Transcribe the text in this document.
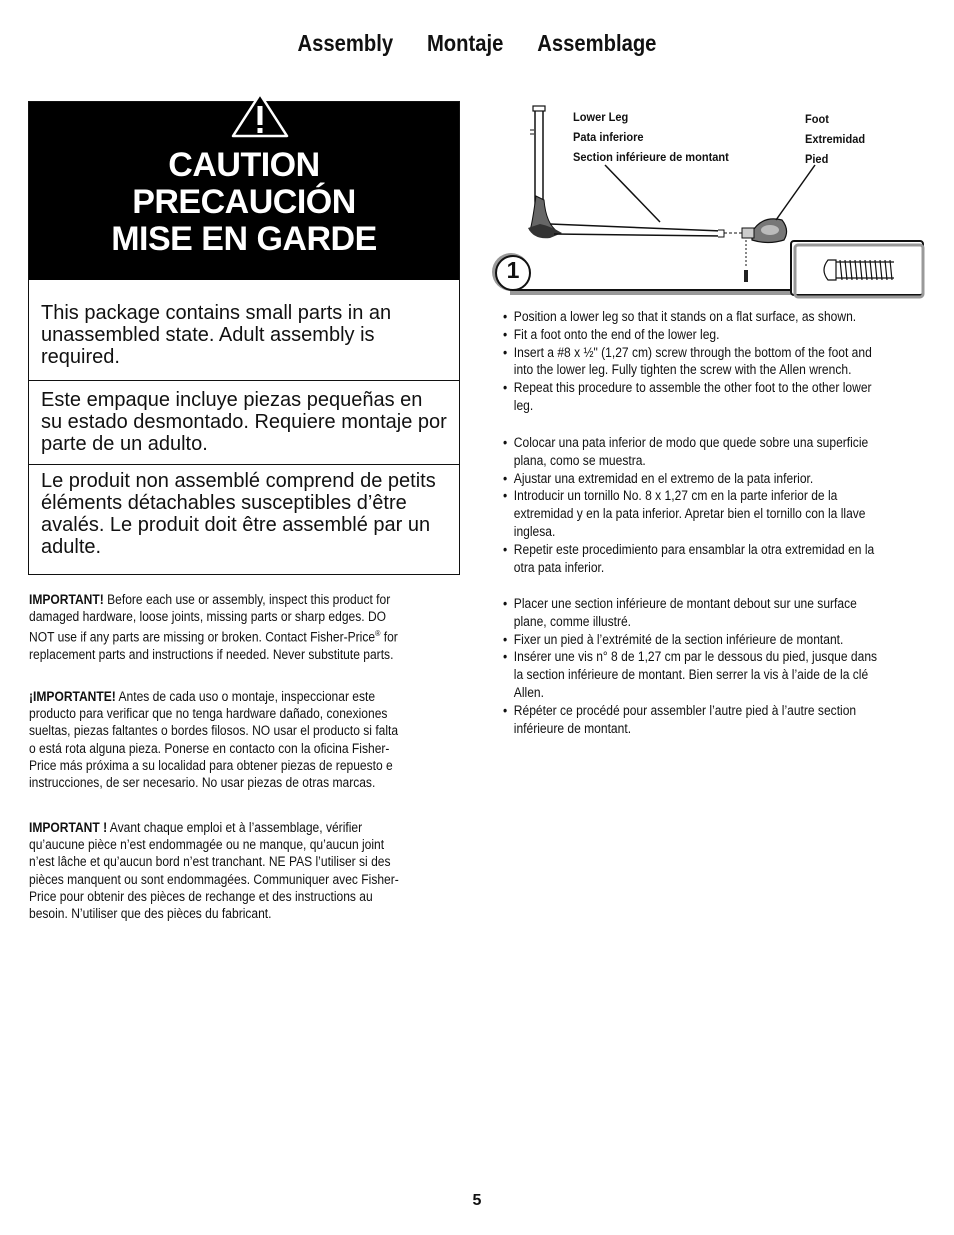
Assembly Montaje Assemblage
CAUTION
PRECAUCIÓN
MISE EN GARDE
This package contains small parts in an unassembled state. Adult assembly is required.
Este empaque incluye piezas pequeñas en su estado desmontado. Requiere montaje por parte de un adulto.
Le produit non assemblé comprend de petits éléments détachables susceptibles d’être avalés. Le produit doit être assemblé par un adulte.
IMPORTANT! Before each use or assembly, inspect this product for damaged hardware, loose joints, missing parts or sharp edges. DO NOT use if any parts are missing or broken. Contact Fisher-Price® for replacement parts and instructions if needed. Never substitute parts.
¡IMPORTANTE! Antes de cada uso o montaje, inspeccionar este producto para verificar que no tenga hardware dañado, conexiones sueltas, piezas faltantes o bordes filosos. NO usar el producto si falta o está rota alguna pieza. Ponerse en contacto con la oficina Fisher-Price más próxima a su localidad para obtener piezas de repuesto e instrucciones, de ser necesario. No usar piezas de otras marcas.
IMPORTANT ! Avant chaque emploi et à l’assemblage, vérifier qu’aucune pièce n’est endommagée ou ne manque, qu’aucun joint n’est lâche et qu’aucun bord n’est tranchant. NE PAS l’utiliser si des pièces manquent ou sont endommagées. Communiquer avec Fisher-Price pour obtenir des pièces de rechange et des instructions au besoin. N’utiliser que des pièces du fabricant.
Lower Leg
Pata inferiore
Section inférieure de montant
Foot
Extremidad
Pied
1
• Position a lower leg so that it stands on a flat surface, as shown.
• Fit a foot onto the end of the lower leg.
• Insert a #8 x ½" (1,27 cm) screw through the bottom of the foot and into the lower leg. Fully tighten the screw with the Allen wrench.
• Repeat this procedure to assemble the other foot to the other lower leg.
• Colocar una pata inferior de modo que quede sobre una superficie plana, como se muestra.
• Ajustar una extremidad en el extremo de la pata inferior.
• Introducir un tornillo No. 8 x 1,27 cm en la parte inferior de la extremidad y en la pata inferior. Apretar bien el tornillo con la llave inglesa.
• Repetir este procedimiento para ensamblar la otra extremidad en la otra pata inferior.
• Placer une section inférieure de montant debout sur une surface plane, comme illustré.
• Fixer un pied à l’extrémité de la section inférieure de montant.
• Insérer une vis n° 8 de 1,27 cm par le dessous du pied, jusque dans la section inférieure de montant. Bien serrer la vis à l’aide de la clé Allen.
• Répéter ce procédé pour assembler l’autre pied à l’autre section inférieure de montant.
5
